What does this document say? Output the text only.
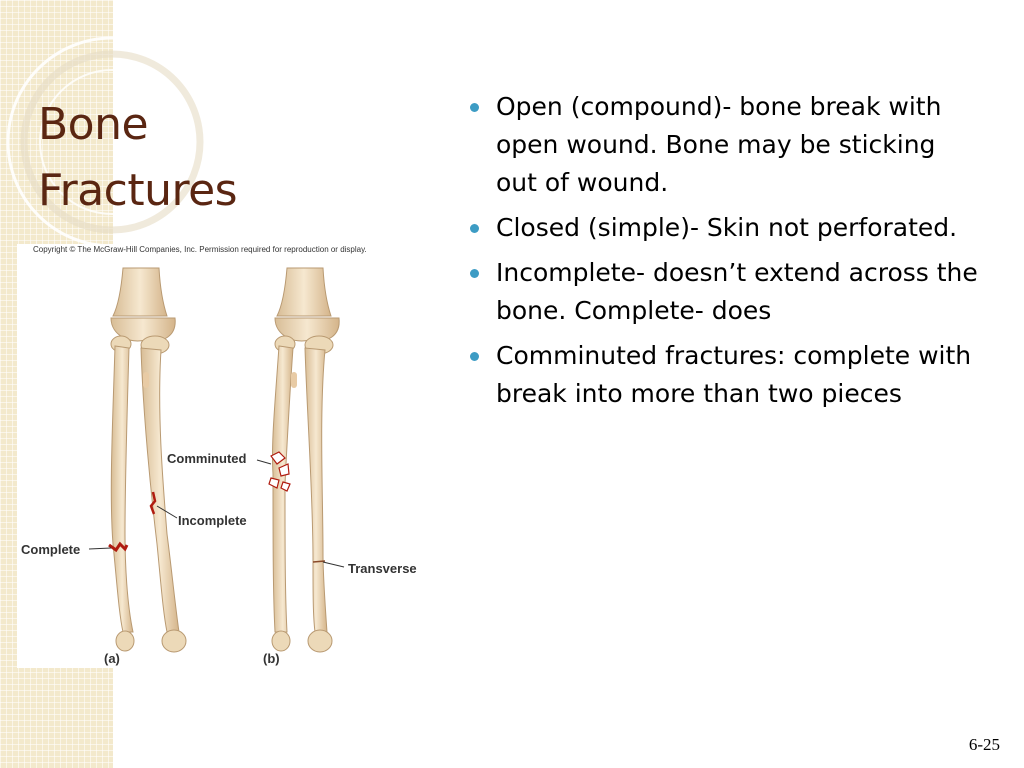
Bone
Fractures
Copyright © The McGraw-Hill Companies, Inc. Permission required for reproduction or display.
Comminuted
Incomplete
Complete
Transverse
(a)	(b)
Open (compound)- bone break with open wound. Bone may be sticking out of wound.
Closed (simple)- Skin not perforated.
Incomplete- doesn’t extend across the bone. Complete- does
Comminuted fractures: complete with break into more than two pieces
6-25
